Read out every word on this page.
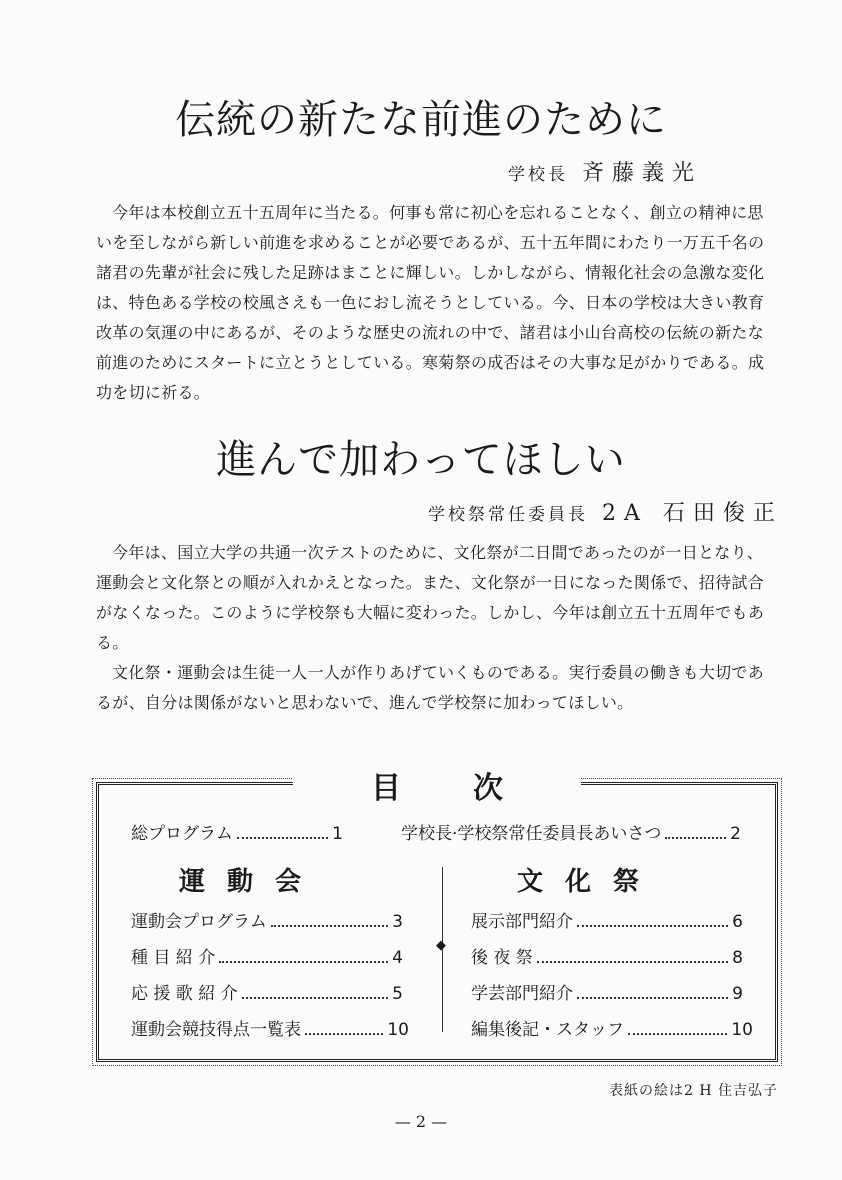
伝統の新たな前進のために
学校長 斉藤義光

今年は本校創立五十五周年に当たる。何事も常に初心を忘れることなく、創立の精神に思いを至しながら新しい前進を求めることが必要であるが、五十五年間にわたり一万五千名の諸君の先輩が社会に残した足跡はまことに輝しい。しかしながら、情報化社会の急激な変化は、特色ある学校の校風さえも一色におし流そうとしている。今、日本の学校は大きい教育改革の気運の中にあるが、そのような歴史の流れの中で、諸君は小山台高校の伝統の新たな前進のためにスタートに立とうとしている。寒菊祭の成否はその大事な足がかりである。成功を切に祈る。

進んで加わってほしい
学校祭常任委員長 2A 石田俊正

今年は、国立大学の共通一次テストのために、文化祭が二日間であったのが一日となり、運動会と文化祭との順が入れかえとなった。また、文化祭が一日になった関係で、招待試合がなくなった。このように学校祭も大幅に変わった。しかし、今年は創立五十五周年でもある。

文化祭・運動会は生徒一人一人が作りあげていくものである。実行委員の働きも大切であるが、自分は関係がないと思わないで、進んで学校祭に加わってほしい。

目次
総プログラム	1	学校長·学校祭常任委員長あいさつ	2
運動会	文化祭
◆
運動会プログラム	3
種 目 紹 介	4
応 援 歌 紹 介	5
運動会競技得点一覧表	10
展示部門紹介	6
後 夜 祭	8
学芸部門紹介	9
編集後記・スタッフ	10
表紙の絵は2 H 住吉弘子
— 2 —
